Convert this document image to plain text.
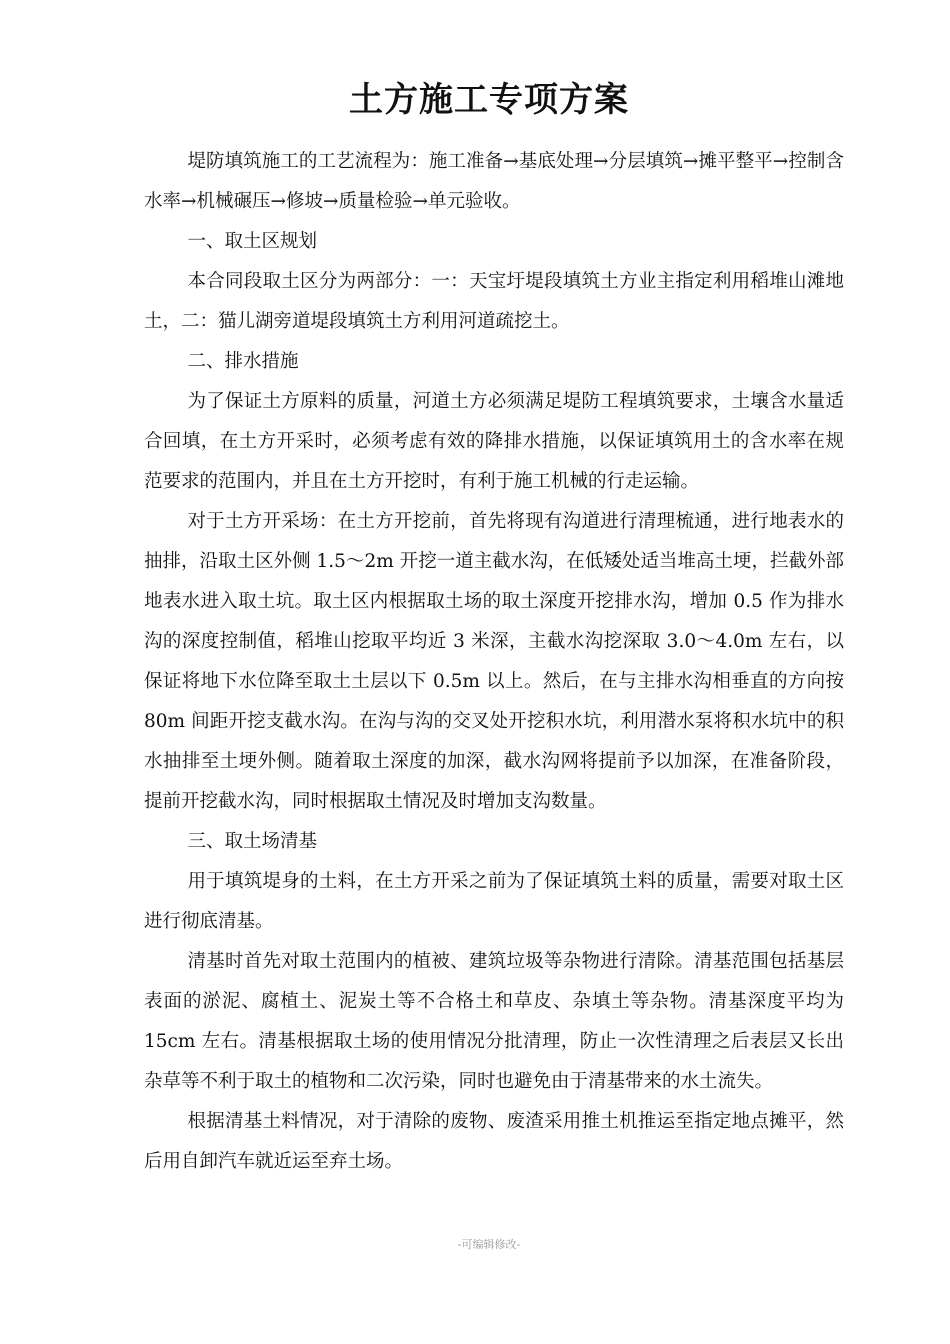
土方施工专项方案

堤防填筑施工的工艺流程为：施工准备→基底处理→分层填筑→摊平整平→控制含水率→机械碾压→修坡→质量检验→单元验收。

一、取土区规划

本合同段取土区分为两部分：一：天宝圩堤段填筑土方业主指定利用稻堆山滩地土，二：猫儿湖旁道堤段填筑土方利用河道疏挖土。

二、排水措施

为了保证土方原料的质量，河道土方必须满足堤防工程填筑要求，土壤含水量适合回填，在土方开采时，必须考虑有效的降排水措施，以保证填筑用土的含水率在规范要求的范围内，并且在土方开挖时，有利于施工机械的行走运输。

对于土方开采场：在土方开挖前，首先将现有沟道进行清理梳通，进行地表水的抽排，沿取土区外侧 1.5～2m 开挖一道主截水沟，在低矮处适当堆高土埂，拦截外部地表水进入取土坑。取土区内根据取土场的取土深度开挖排水沟，增加 0.5 作为排水沟的深度控制值，稻堆山挖取平均近 3 米深，主截水沟挖深取 3.0～4.0m 左右，以保证将地下水位降至取土土层以下 0.5m 以上。然后，在与主排水沟相垂直的方向按 80m 间距开挖支截水沟。在沟与沟的交叉处开挖积水坑，利用潜水泵将积水坑中的积水抽排至土埂外侧。随着取土深度的加深，截水沟网将提前予以加深，在准备阶段，提前开挖截水沟，同时根据取土情况及时增加支沟数量。

三、取土场清基

用于填筑堤身的土料，在土方开采之前为了保证填筑土料的质量，需要对取土区进行彻底清基。

清基时首先对取土范围内的植被、建筑垃圾等杂物进行清除。清基范围包括基层表面的淤泥、腐植土、泥炭土等不合格土和草皮、杂填土等杂物。清基深度平均为 15cm 左右。清基根据取土场的使用情况分批清理，防止一次性清理之后表层又长出杂草等不利于取土的植物和二次污染，同时也避免由于清基带来的水土流失。

根据清基土料情况，对于清除的废物、废渣采用推土机推运至指定地点摊平，然后用自卸汽车就近运至弃土场。

-可编辑修改-
